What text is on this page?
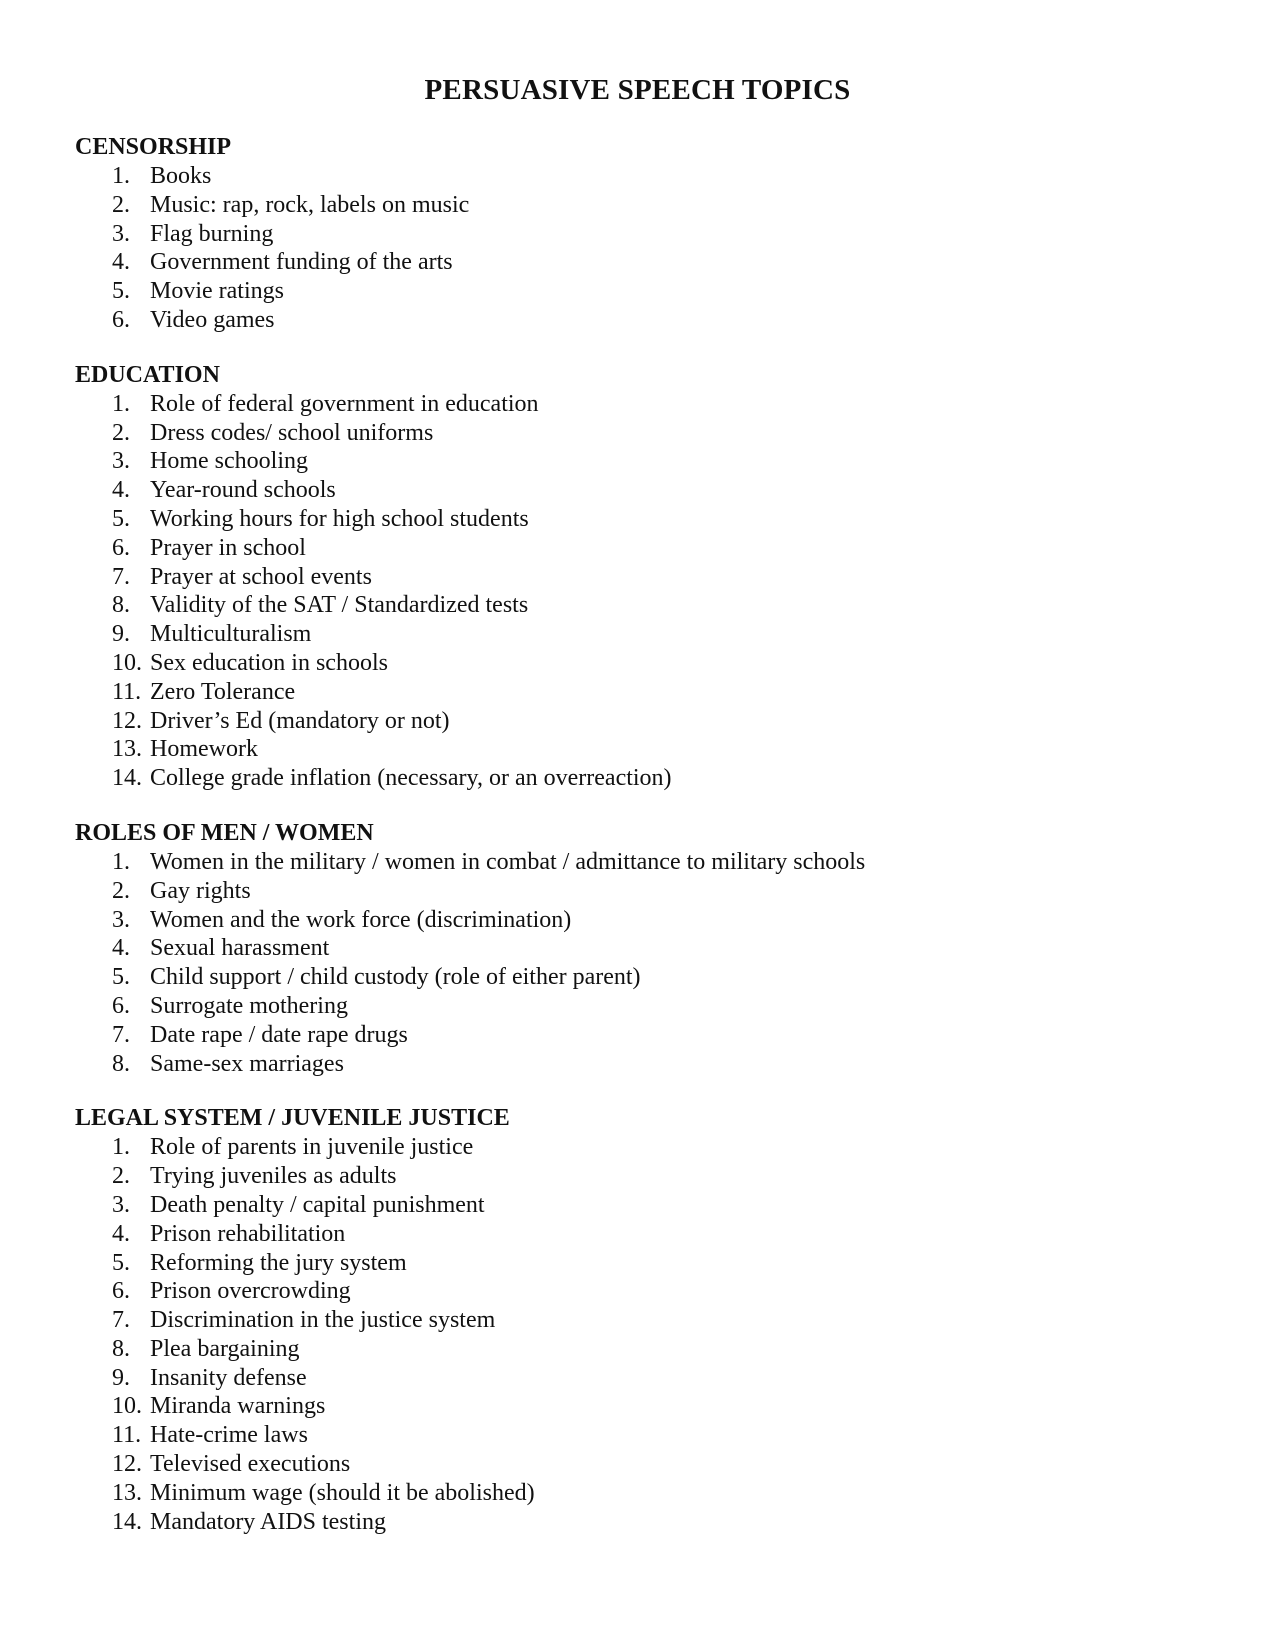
PERSUASIVE SPEECH TOPICS
CENSORSHIP
1. Books
2. Music: rap, rock, labels on music
3. Flag burning
4. Government funding of the arts
5. Movie ratings
6. Video games
EDUCATION
1. Role of federal government in education
2. Dress codes/ school uniforms
3. Home schooling
4. Year-round schools
5. Working hours for high school students
6. Prayer in school
7. Prayer at school events
8. Validity of the SAT / Standardized tests
9. Multiculturalism
10. Sex education in schools
11. Zero Tolerance
12. Driver’s Ed (mandatory or not)
13. Homework
14. College grade inflation (necessary, or an overreaction)
ROLES OF MEN / WOMEN
1. Women in the military / women in combat / admittance to military schools
2. Gay rights
3. Women and the work force (discrimination)
4. Sexual harassment
5. Child support / child custody (role of either parent)
6. Surrogate mothering
7. Date rape / date rape drugs
8. Same-sex marriages
LEGAL SYSTEM / JUVENILE JUSTICE
1. Role of parents in juvenile justice
2. Trying juveniles as adults
3. Death penalty / capital punishment
4. Prison rehabilitation
5. Reforming the jury system
6. Prison overcrowding
7. Discrimination in the justice system
8. Plea bargaining
9. Insanity defense
10. Miranda warnings
11. Hate-crime laws
12. Televised executions
13. Minimum wage (should it be abolished)
14. Mandatory AIDS testing
